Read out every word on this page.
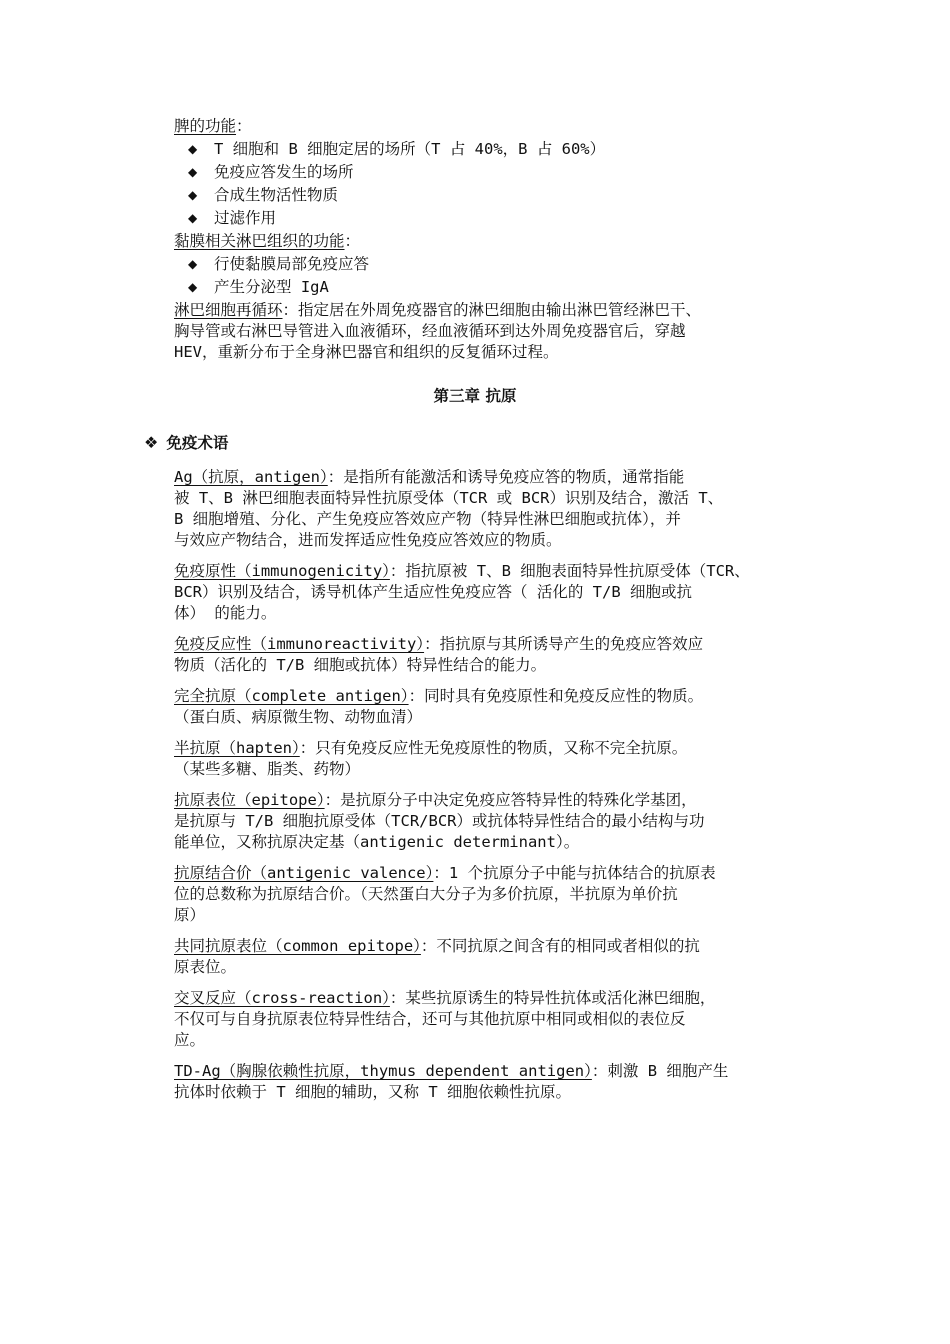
脾的功能：

◆ T 细胞和 B 细胞定居的场所（T 占 40%，B 占 60%）
◆ 免疫应答发生的场所
◆ 合成生物活性物质
◆ 过滤作用

黏膜相关淋巴组织的功能：

◆ 行使黏膜局部免疫应答
◆ 产生分泌型 IgA

淋巴细胞再循环：指定居在外周免疫器官的淋巴细胞由输出淋巴管经淋巴干、
胸导管或右淋巴导管进入血液循环，经血液循环到达外周免疫器官后，穿越
HEV，重新分布于全身淋巴器官和组织的反复循环过程。

第三章 抗原
❖ 免疫术语

Ag（抗原，antigen）：是指所有能激活和诱导免疫应答的物质，通常指能
被 T、B 淋巴细胞表面特异性抗原受体（TCR 或 BCR）识别及结合，激活 T、
B 细胞增殖、分化、产生免疫应答效应产物（特异性淋巴细胞或抗体），并
与效应产物结合，进而发挥适应性免疫应答效应的物质。

免疫原性（immunogenicity）：指抗原被 T、B 细胞表面特异性抗原受体（TCR、
BCR）识别及结合，诱导机体产生适应性免疫应答（ 活化的 T/B 细胞或抗
体） 的能力。

免疫反应性（immunoreactivity）：指抗原与其所诱导产生的免疫应答效应
物质（活化的 T/B 细胞或抗体）特异性结合的能力。

完全抗原（complete antigen）：同时具有免疫原性和免疫反应性的物质。
（蛋白质、病原微生物、动物血清）

半抗原（hapten）：只有免疫反应性无免疫原性的物质，又称不完全抗原。
（某些多糖、脂类、药物）

抗原表位（epitope）：是抗原分子中决定免疫应答特异性的特殊化学基团，
是抗原与 T/B 细胞抗原受体（TCR/BCR）或抗体特异性结合的最小结构与功
能单位，又称抗原决定基（antigenic determinant）。

抗原结合价（antigenic valence）：1 个抗原分子中能与抗体结合的抗原表
位的总数称为抗原结合价。（天然蛋白大分子为多价抗原，半抗原为单价抗
原）

共同抗原表位（common epitope）：不同抗原之间含有的相同或者相似的抗
原表位。

交叉反应（cross-reaction）：某些抗原诱生的特异性抗体或活化淋巴细胞，
不仅可与自身抗原表位特异性结合，还可与其他抗原中相同或相似的表位反
应。

TD-Ag（胸腺依赖性抗原，thymus dependent antigen）：刺激 B 细胞产生
抗体时依赖于 T 细胞的辅助，又称 T 细胞依赖性抗原。
